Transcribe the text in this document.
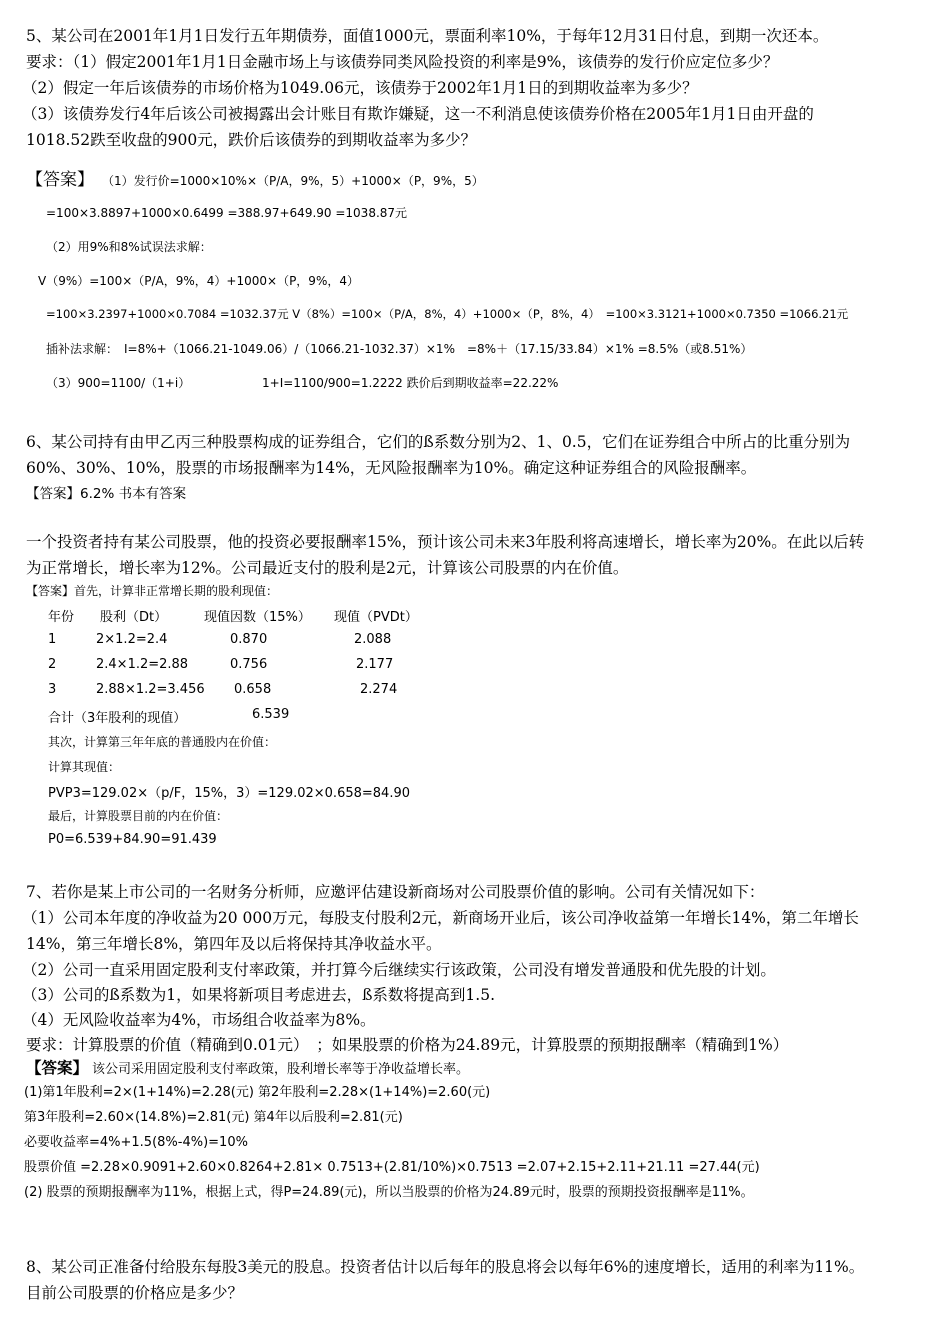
5、某公司在2001年1月1日发行五年期债券，面值1000元，票面利率10%，于每年12月31日付息，到期一次还本。
要求：（1）假定2001年1月1日金融市场上与该债券同类风险投资的利率是9%，该债券的发行价应定位多少？
（2）假定一年后该债券的市场价格为1049.06元，该债券于2002年1月1日的到期收益率为多少？
（3）该债券发行4年后该公司被揭露出会计账目有欺诈嫌疑，这一不利消息使该债券价格在2005年1月1日由开盘的
1018.52跌至收盘的900元，跌价后该债券的到期收益率为多少？
【答案】 （1）发行价=1000×10%×（P/A，9%，5）+1000×（P，9%，5）
=100×3.8897+1000×0.6499 =388.97+649.90 =1038.87元
（2）用9%和8%试误法求解：
V（9%）=100×（P/A，9%，4）+1000×（P，9%，4）
=100×3.2397+1000×0.7084 =1032.37元 V（8%）=100×（P/A，8%，4）+1000×（P，8%，4）　=100×3.3121+1000×0.7350 =1066.21元
插补法求解：　I=8%+（1066.21-1049.06）/（1066.21-1032.37）×1%　=8%＋（17.15/33.84）×1% =8.5%（或8.51%）
（3）900=1100/（1+i）	1+I=1100/900=1.2222 跌价后到期收益率=22.22%
6、某公司持有由甲乙丙三种股票构成的证券组合，它们的ß系数分别为2、1、0.5，它们在证券组合中所占的比重分别为
60%、30%、10%，股票的市场报酬率为14%，无风险报酬率为10%。确定这种证券组合的风险报酬率。
【答案】6.2% 书本有答案
一个投资者持有某公司股票，他的投资必要报酬率15%，预计该公司未来3年股利将高速增长，增长率为20%。在此以后转
为正常增长，增长率为12%。公司最近支付的股利是2元，计算该公司股票的内在价值。
【答案】首先，计算非正常增长期的股利现值：
年份 股利（Dt）	现值因数（15%） 现值（PVDt）
1	2×1.2=2.4	0.870	2.088
2	2.4×1.2=2.88	0.756	2.177
3	2.88×1.2=3.456 0.658	2.274
合计（3年股利的现值）	6.539
其次，计算第三年年底的普通股内在价值：
计算其现值：
PVP3=129.02×（p/F，15%，3）=129.02×0.658=84.90
最后，计算股票目前的内在价值：
P0=6.539+84.90=91.439
7、若你是某上市公司的一名财务分析师，应邀评估建设新商场对公司股票价值的影响。公司有关情况如下：
（1）公司本年度的净收益为20 000万元，每股支付股利2元，新商场开业后，该公司净收益第一年增长14%，第二年增长
14%，第三年增长8%，第四年及以后将保持其净收益水平。
（2）公司一直采用固定股利支付率政策，并打算今后继续实行该政策，公司没有增发普通股和优先股的计划。
（3）公司的ß系数为1，如果将新项目考虑进去，ß系数将提高到1.5.
（4）无风险收益率为4%，市场组合收益率为8%。
要求：计算股票的价值（精确到0.01元）　；如果股票的价格为24.89元，计算股票的预期报酬率（精确到1%）
【答案】 该公司采用固定股利支付率政策，股利增长率等于净收益增长率。
(1)第1年股利=2×(1+14%)=2.28(元) 第2年股利=2.28×(1+14%)=2.60(元)
第3年股利=2.60×(14.8%)=2.81(元) 第4年以后股利=2.81(元)
必要收益率=4%+1.5(8%-4%)=10%
股票价值 =2.28×0.9091+2.60×0.8264+2.81× 0.7513+(2.81/10%)×0.7513 =2.07+2.15+2.11+21.11 =27.44(元)
(2) 股票的预期报酬率为11%，根据上式，得P=24.89(元)，所以当股票的价格为24.89元时，股票的预期投资报酬率是11%。
8、某公司正准备付给股东每股3美元的股息。投资者估计以后每年的股息将会以每年6%的速度增长，适用的利率为11%。
目前公司股票的价格应是多少？
